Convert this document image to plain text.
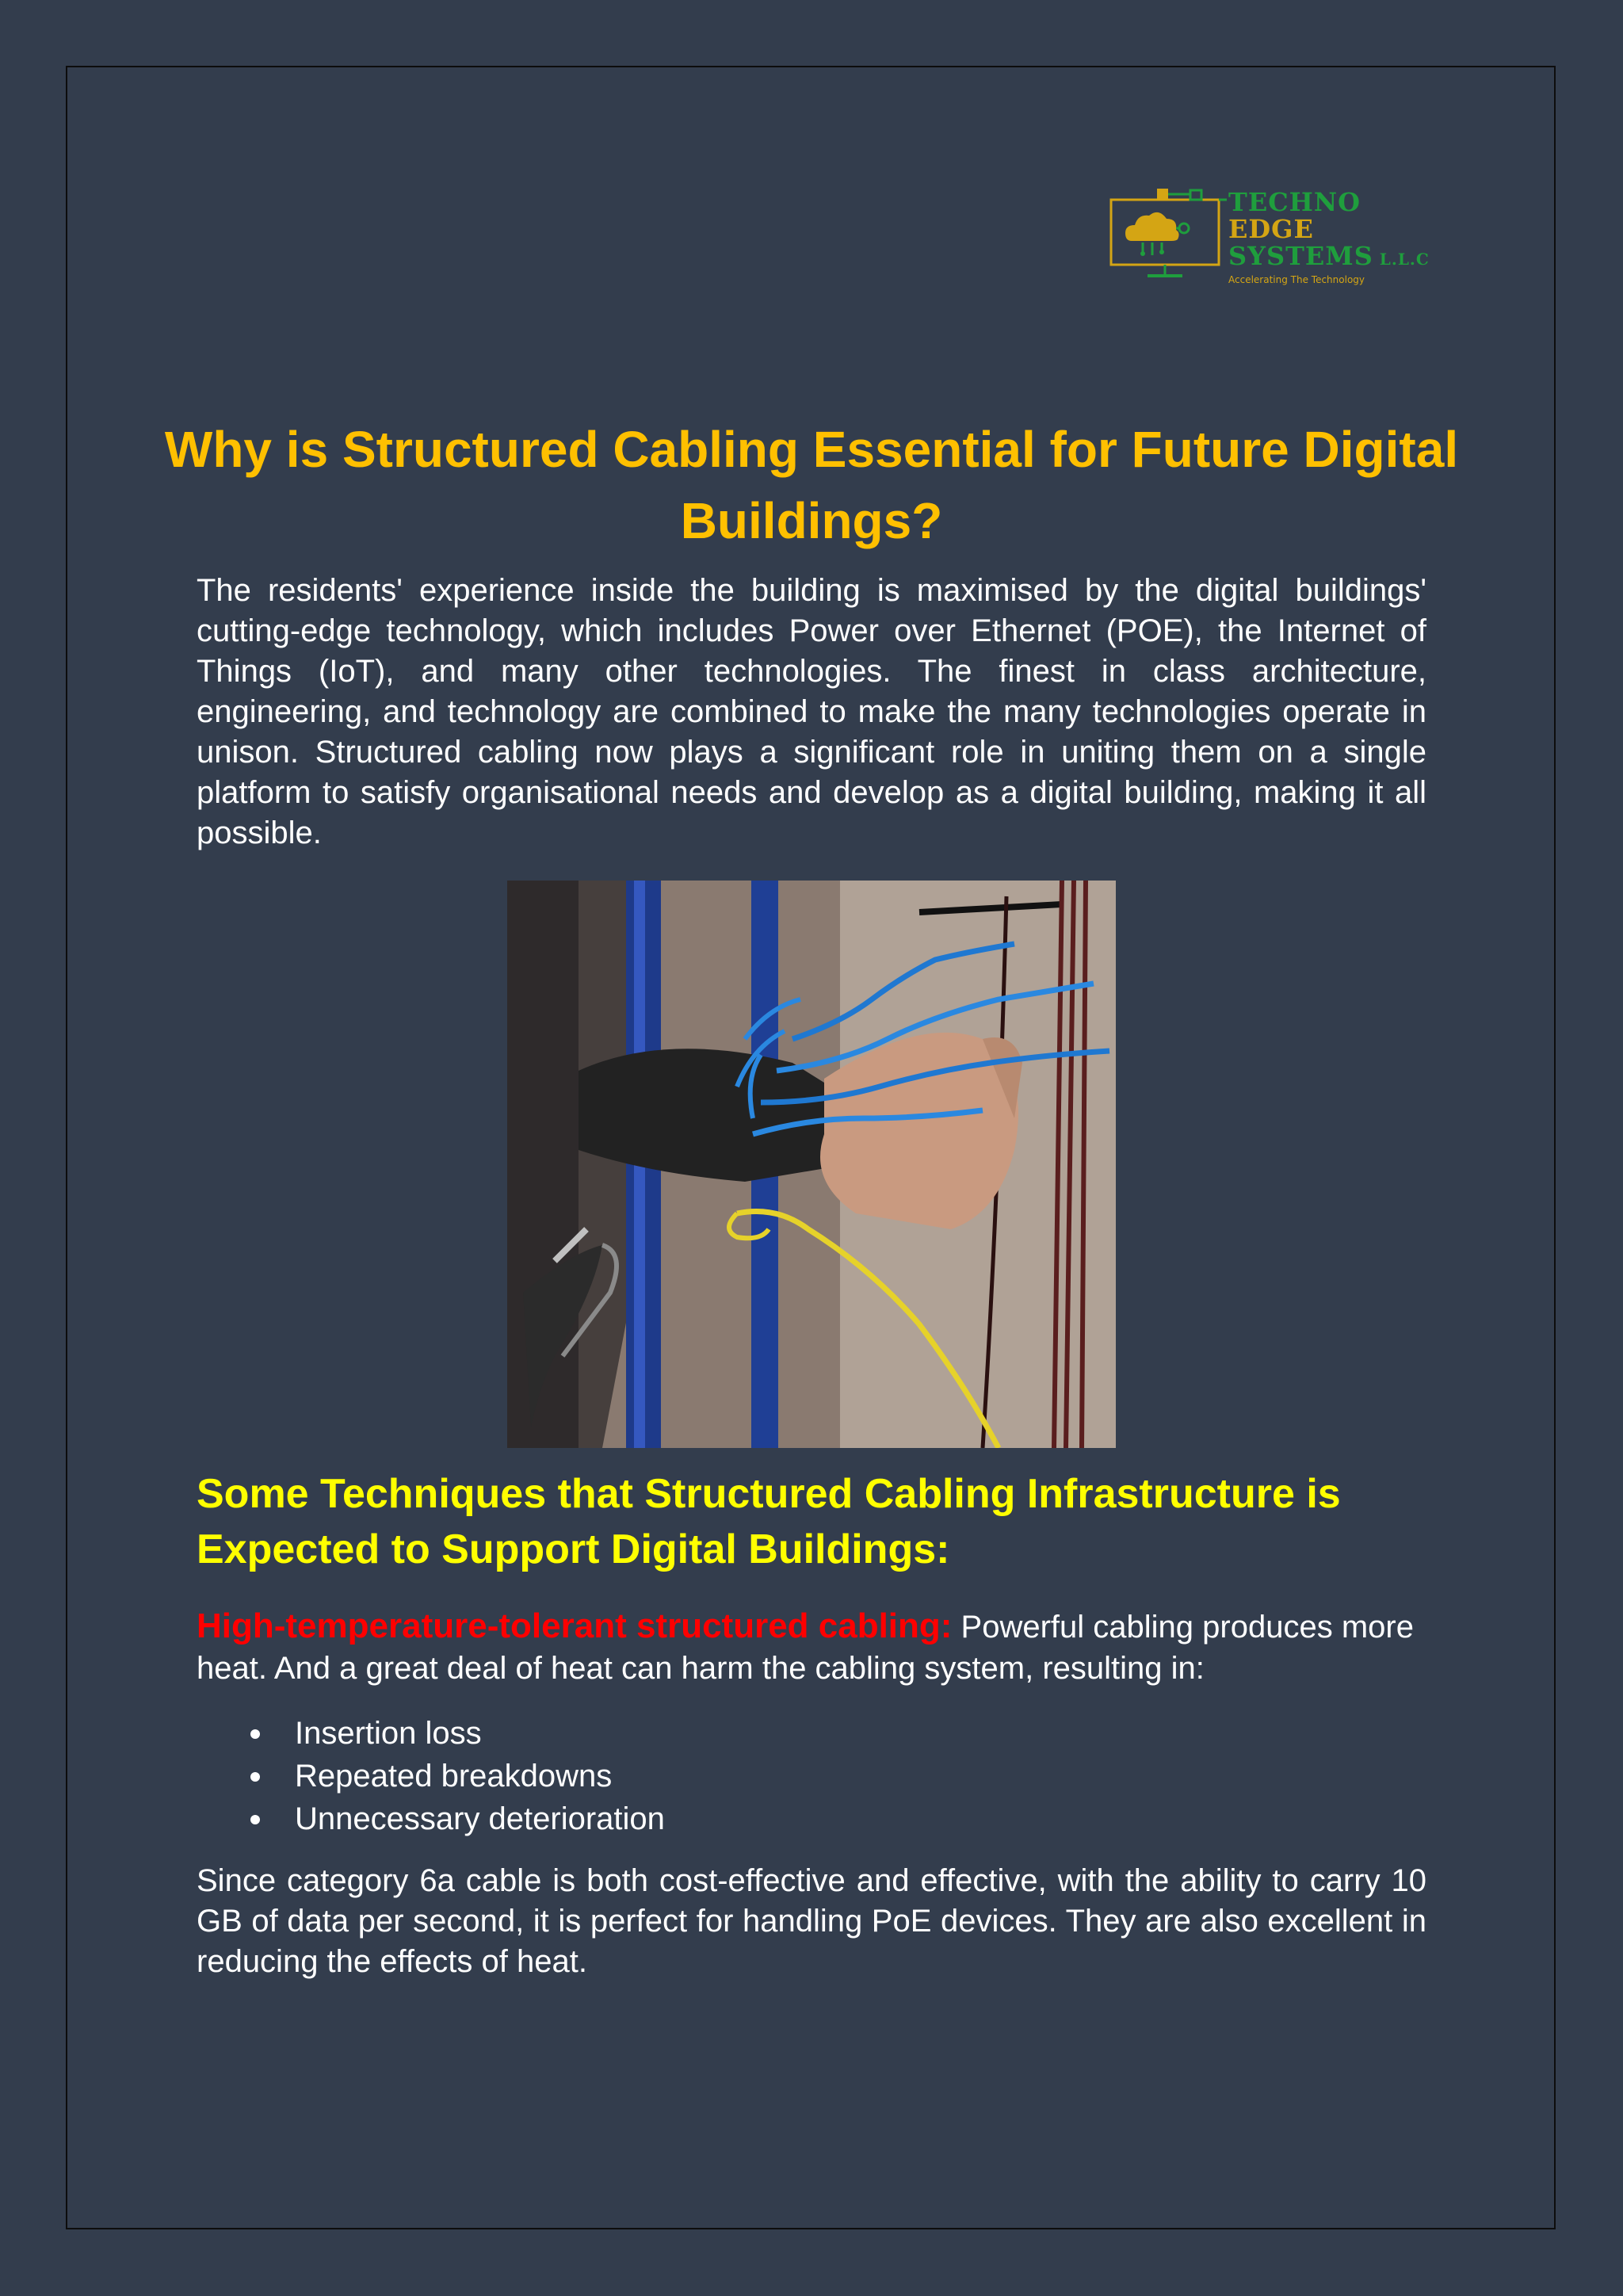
TECHNO
EDGE
SYSTEMS L.L.C
Accelerating The Technology
Why is Structured Cabling Essential for Future Digital Buildings?

The residents' experience inside the building is maximised by the digital buildings' cutting-edge technology, which includes Power over Ethernet (POE), the Internet of Things (IoT), and many other technologies. The finest in class architecture, engineering, and technology are combined to make the many technologies operate in unison. Structured cabling now plays a significant role in uniting them on a single platform to satisfy organisational needs and develop as a digital building, making it all possible.

Some Techniques that Structured Cabling Infrastructure is Expected to Support Digital Buildings:

High-temperature-tolerant structured cabling: Powerful cabling produces more heat. And a great deal of heat can harm the cabling system, resulting in:

Insertion loss
Repeated breakdowns
Unnecessary deterioration

Since category 6a cable is both cost-effective and effective, with the ability to carry 10 GB of data per second, it is perfect for handling PoE devices. They are also excellent in reducing the effects of heat.
